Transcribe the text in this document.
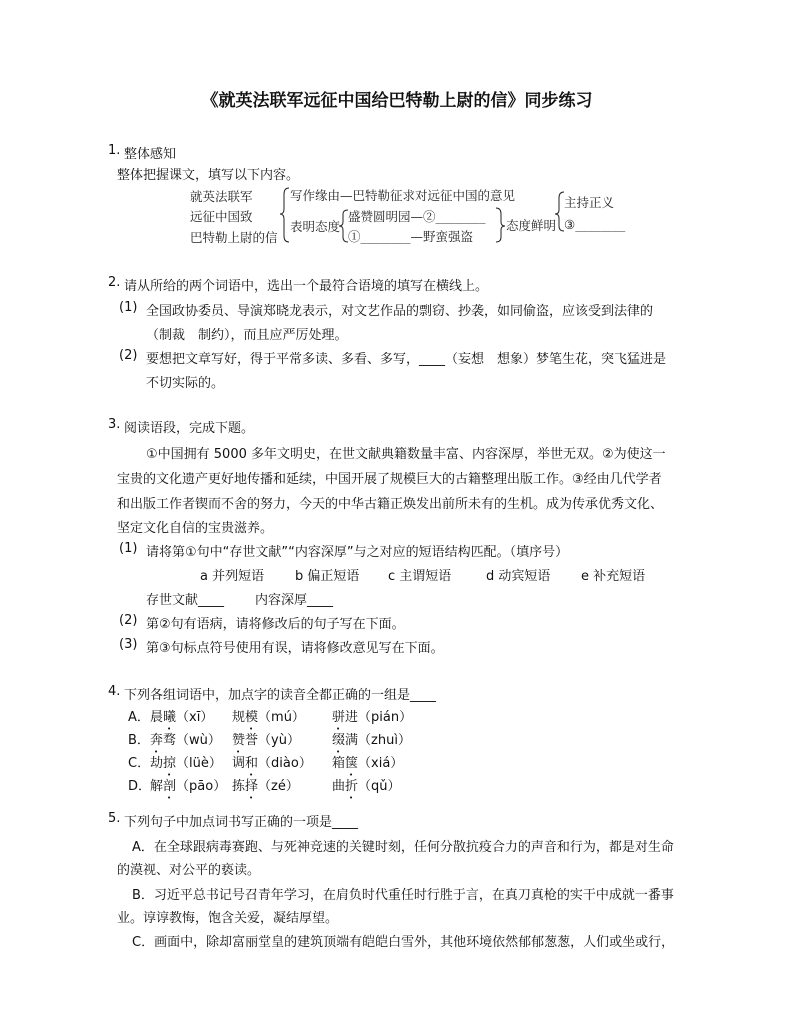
《就英法联军远征中国给巴特勒上尉的信》同步练习
1. 整体感知
整体把握课文，填写以下内容。
就英法联军
远征中国致
巴特勒上尉的信
写作缘由—巴特勒征求对远征中国的意见
表明态度
盛赞圆明园—②________
①________—野蛮强盗
态度鲜明
主持正义
③________
2. 请从所给的两个词语中，选出一个最符合语境的填写在横线上。
(1) 全国政协委员、导演郑晓龙表示，对文艺作品的剽窃、抄袭，如同偷盗，应该受到法律的
（制裁　制约），而且应严厉处理。
(2) 要想把文章写好，得于平常多读、多看、多写，____（妄想　想象）梦笔生花，突飞猛进是
不切实际的。
3. 阅读语段，完成下题。
①中国拥有 5000 多年文明史，在世文献典籍数量丰富、内容深厚，举世无双。②为使这一
宝贵的文化遗产更好地传播和延续，中国开展了规模巨大的古籍整理出版工作。③经由几代学者
和出版工作者锲而不舍的努力，今天的中华古籍正焕发出前所未有的生机。成为传承优秀文化、
坚定文化自信的宝贵滋养。
(1) 请将第①句中“存世文献”“内容深厚”与之对应的短语结构匹配。（填序号）
a 并列短语 b 偏正短语 c 主谓短语	d 动宾短语 e 补充短语
存世文献____ 内容深厚____
(2) 第②句有语病，请将修改后的句子写在下面。
(3) 第③句标点符号使用有误，请将修改意见写在下面。
4. 下列各组词语中，加点字的读音全都正确的一组是____
A． 晨曦（xī） 规模（mú） 骈进（pián）
B． 奔骛（wù） 赞誉（yù） 缀满（zhuì）
C． 劫掠（lüè） 调和（diào） 箱箧（xiá）
D．
解剖（pāo） 拣择（zé）	曲折（qǔ）
5. 下列句子中加点词书写正确的一项是____
A．在全球跟病毒赛跑、与死神竞速的关键时刻，任何分散抗疫合力的声音和行为，都是对生命
的漠视、对公平的亵读。
B．习近平总书记号召青年学习，在肩负时代重任时行胜于言，在真刀真枪的实干中成就一番事
业。谆谆教悔，饱含关爱，凝结厚望。
C．画面中，除却富丽堂皇的建筑顶端有皑皑白雪外，其他环境依然郁郁葱葱，人们或坐或行，
